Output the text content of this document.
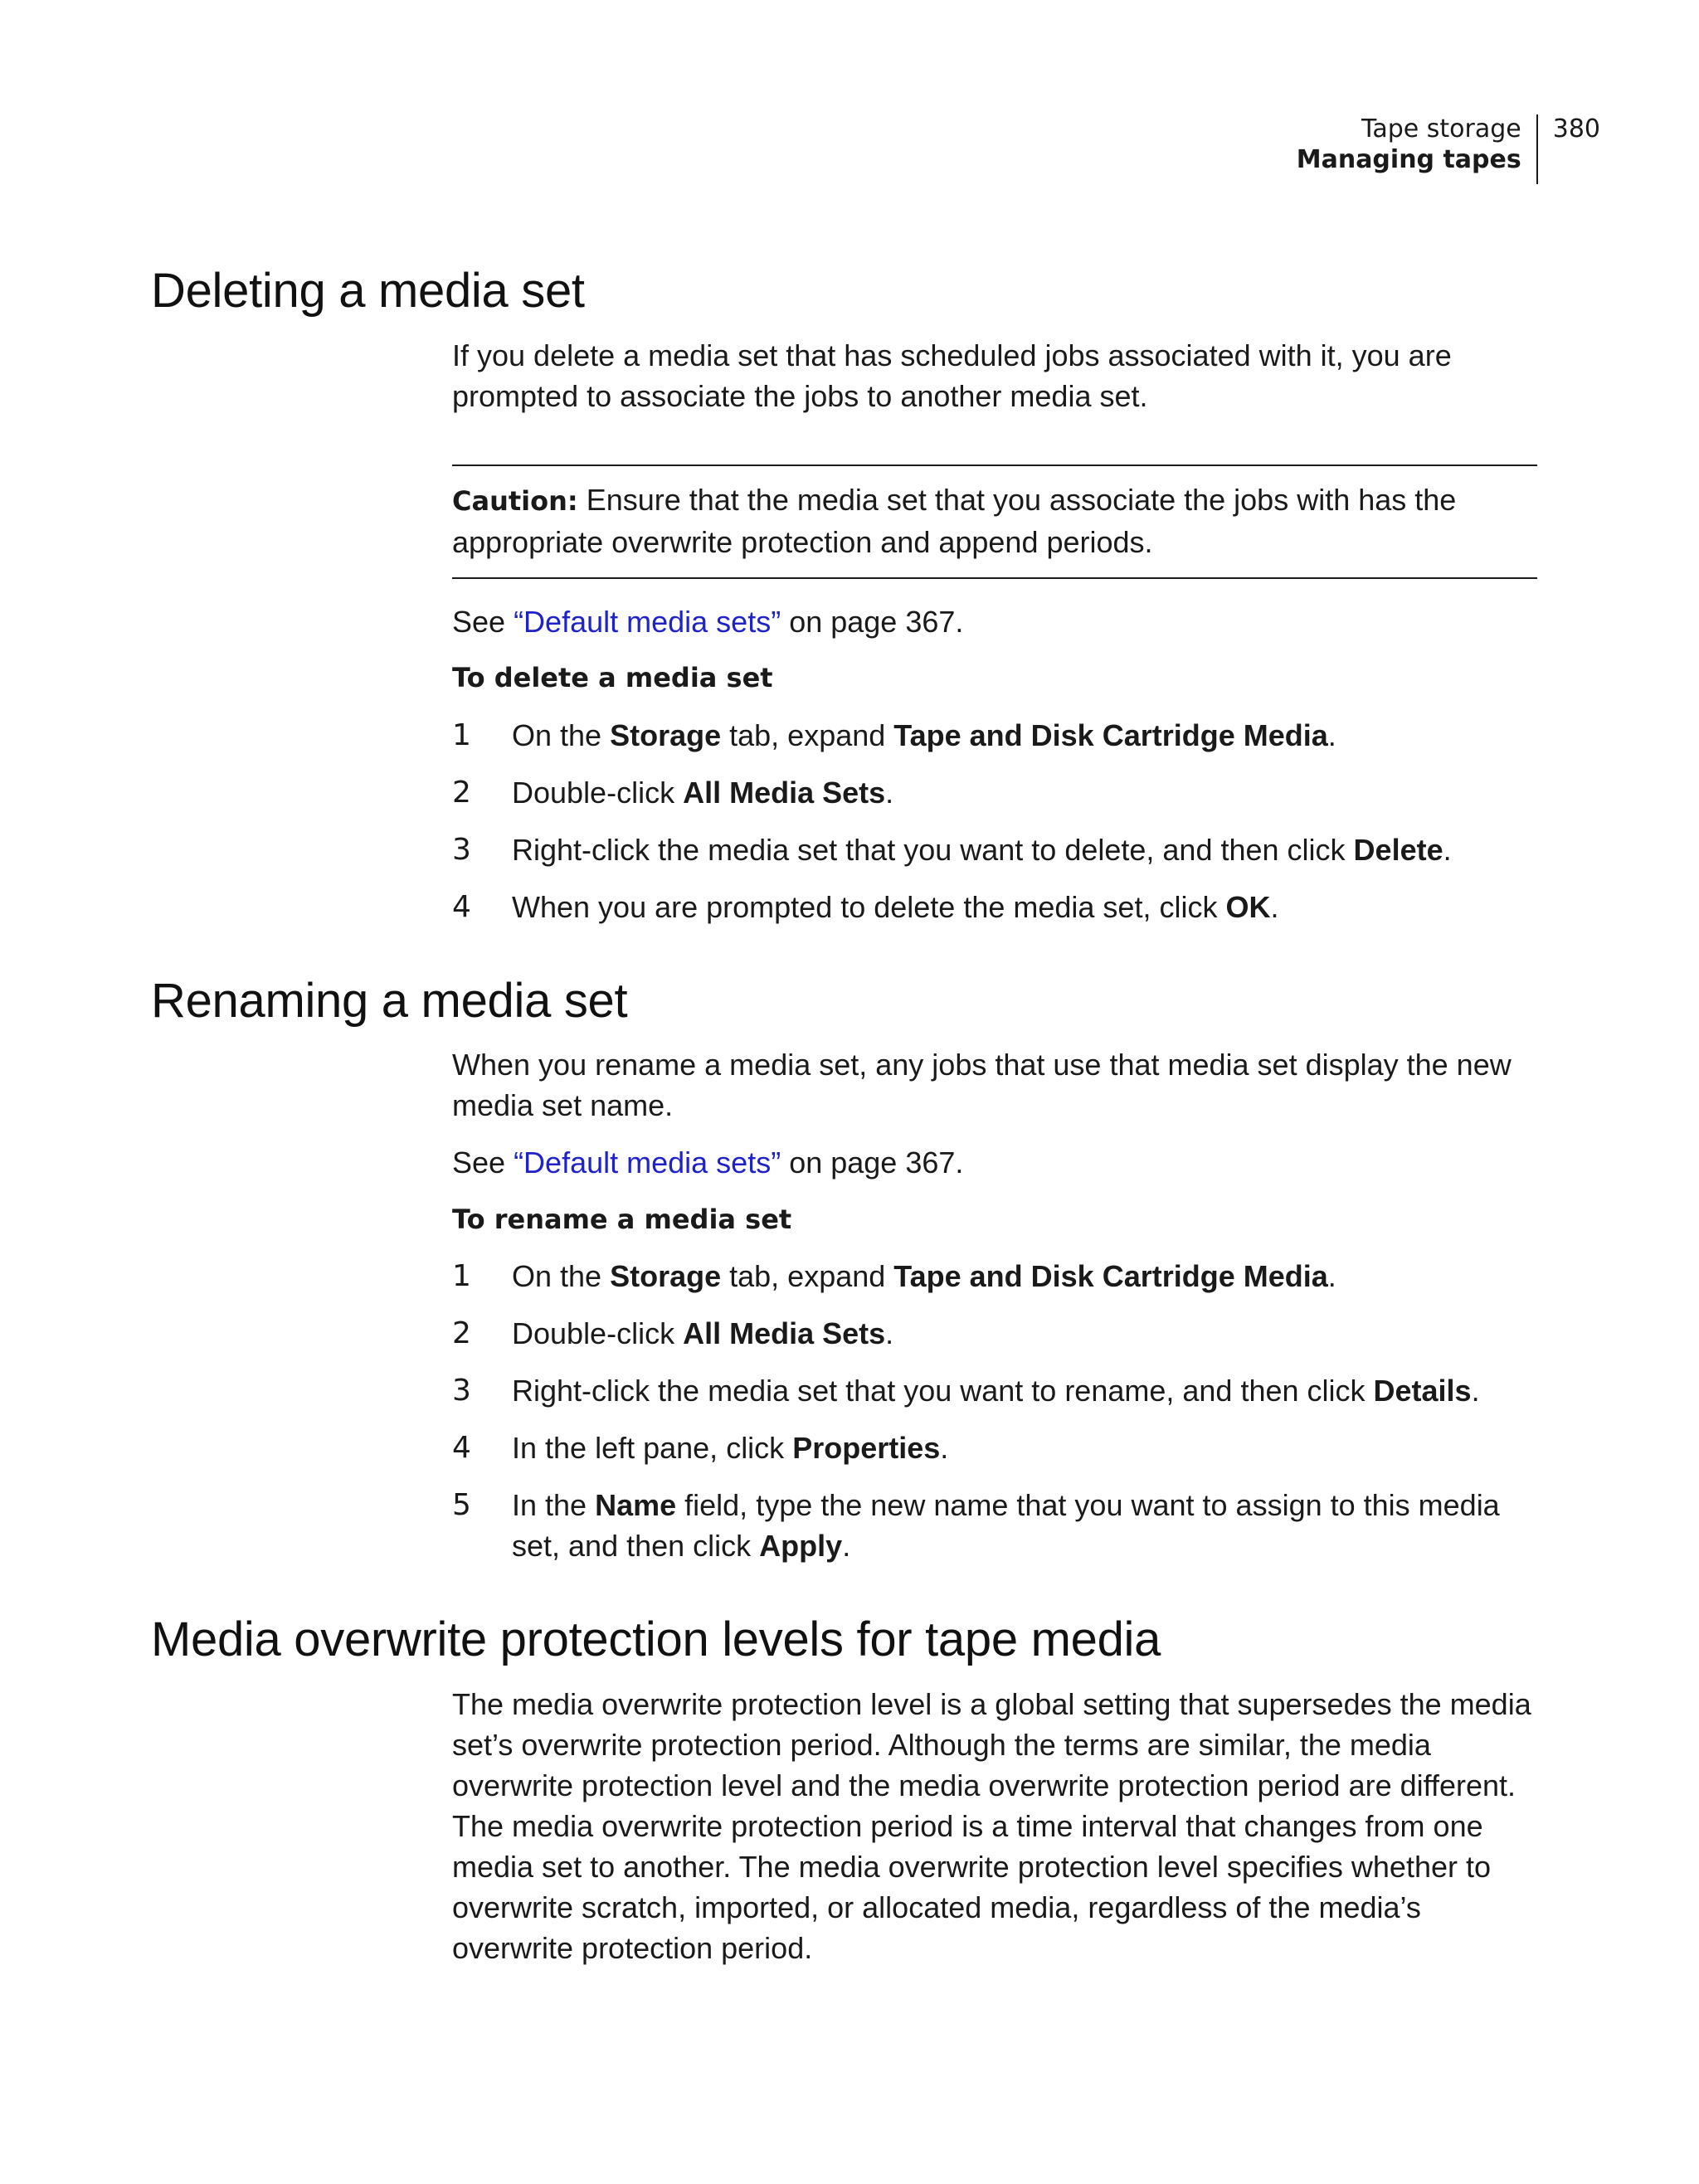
Tape storage
Managing tapes
380
Deleting a media set

If you delete a media set that has scheduled jobs associated with it, you are prompted to associate the jobs to another media set.

Caution: Ensure that the media set that you associate the jobs with has the appropriate overwrite protection and append periods.

See “Default media sets” on page 367.

To delete a media set
1 On the Storage tab, expand Tape and Disk Cartridge Media.
2 Double-click All Media Sets.
3 Right-click the media set that you want to delete, and then click Delete.
4 When you are prompted to delete the media set, click OK.
Renaming a media set

When you rename a media set, any jobs that use that media set display the new media set name.

See “Default media sets” on page 367.

To rename a media set
1 On the Storage tab, expand Tape and Disk Cartridge Media.
2 Double-click All Media Sets.
3 Right-click the media set that you want to rename, and then click Details.
4 In the left pane, click Properties.
5 In the Name field, type the new name that you want to assign to this media set, and then click Apply.
Media overwrite protection levels for tape media

The media overwrite protection level is a global setting that supersedes the media set’s overwrite protection period. Although the terms are similar, the media overwrite protection level and the media overwrite protection period are different. The media overwrite protection period is a time interval that changes from one media set to another. The media overwrite protection level specifies whether to overwrite scratch, imported, or allocated media, regardless of the media’s overwrite protection period.
